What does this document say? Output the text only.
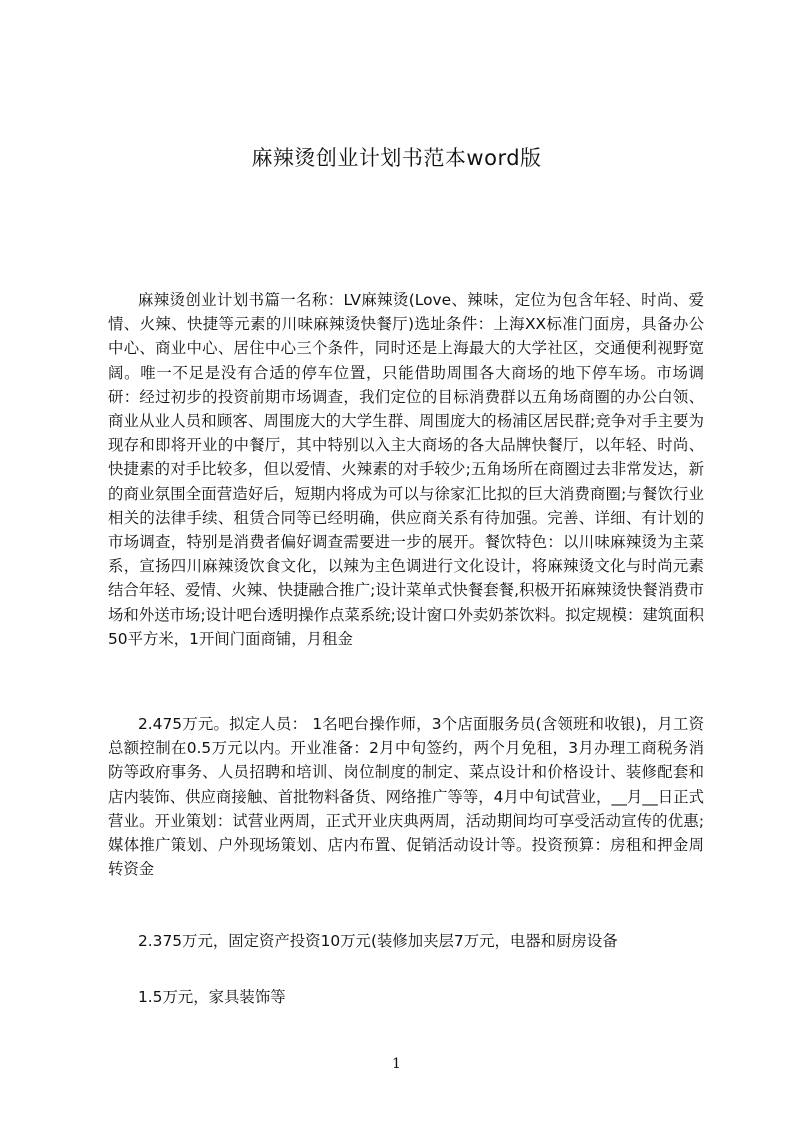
麻辣烫创业计划书范本word版

麻辣烫创业计划书篇一名称：LV麻辣烫(Love、辣味，定位为包含年轻、时尚、爱情、火辣、快捷等元素的川味麻辣烫快餐厅)选址条件：上海XX标准门面房，具备办公中心、商业中心、居住中心三个条件，同时还是上海最大的大学社区，交通便利视野宽阔。唯一不足是没有合适的停车位置，只能借助周围各大商场的地下停车场。市场调研：经过初步的投资前期市场调查，我们定位的目标消费群以五角场商圈的办公白领、商业从业人员和顾客、周围庞大的大学生群、周围庞大的杨浦区居民群;竞争对手主要为现存和即将开业的中餐厅，其中特别以入主大商场的各大品牌快餐厅，以年轻、时尚、快捷素的对手比较多，但以爱情、火辣素的对手较少;五角场所在商圈过去非常发达，新的商业氛围全面营造好后，短期内将成为可以与徐家汇比拟的巨大消费商圈;与餐饮行业相关的法律手续、租赁合同等已经明确，供应商关系有待加强。完善、详细、有计划的市场调查，特别是消费者偏好调查需要进一步的展开。餐饮特色：以川味麻辣烫为主菜系，宣扬四川麻辣烫饮食文化，以辣为主色调进行文化设计，将麻辣烫文化与时尚元素结合年轻、爱情、火辣、快捷融合推广;设计菜单式快餐套餐,积极开拓麻辣烫快餐消费市场和外送市场;设计吧台透明操作点菜系统;设计窗口外卖奶茶饮料。拟定规模：建筑面积50平方米，1开间门面商铺，月租金

2.475万元。拟定人员： 1名吧台操作师，3个店面服务员(含领班和收银)，月工资总额控制在0.5万元以内。开业准备：2月中旬签约，两个月免租，3月办理工商税务消防等政府事务、人员招聘和培训、岗位制度的制定、菜点设计和价格设计、装修配套和店内装饰、供应商接触、首批物料备货、网络推广等等，4月中旬试营业，__月__日正式营业。开业策划：试营业两周，正式开业庆典两周，活动期间均可享受活动宣传的优惠;媒体推广策划、户外现场策划、店内布置、促销活动设计等。投资预算：房租和押金周转资金

2.375万元，固定资产投资10万元(装修加夹层7万元，电器和厨房设备

1.5万元，家具装饰等

1
